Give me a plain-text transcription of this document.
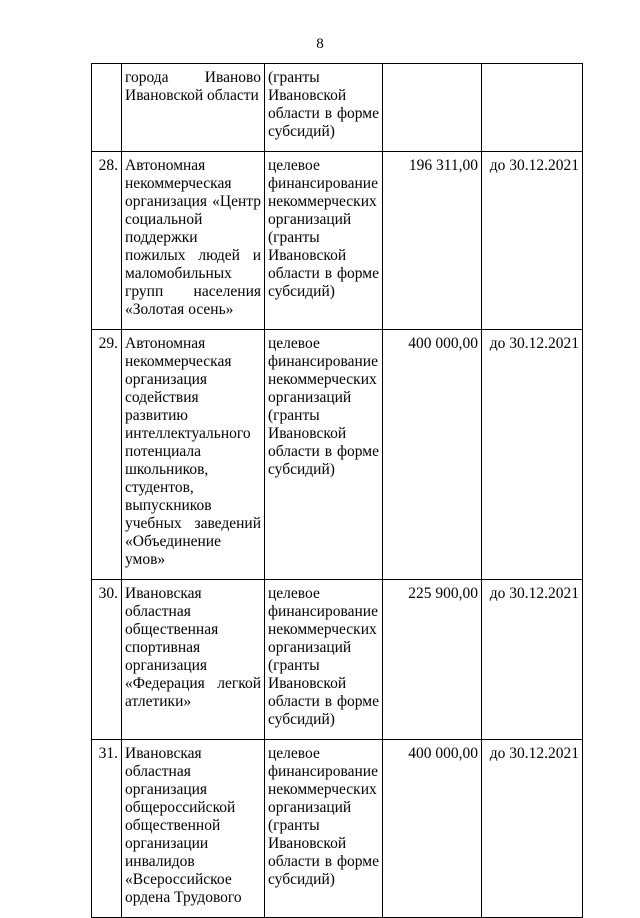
8
	города Иваново Ивановской области	(гранты Ивановской области в форме субсидий)		
28.	Автономная некоммерческая организация «Центр социальной поддержки пожилых людей и маломобильных групп населения «Золотая осень»	целевое финансирование некоммерческих организаций (гранты Ивановской области в форме субсидий)	196 311,00	до 30.12.2021
29.	Автономная некоммерческая организация содействия развитию интеллектуального потенциала школьников, студентов, выпускников учебных заведений «Объединение умов»	целевое финансирование некоммерческих организаций (гранты Ивановской области в форме субсидий)	400 000,00	до 30.12.2021
30.	Ивановская областная общественная спортивная организация «Федерация легкой атлетики»	целевое финансирование некоммерческих организаций (гранты Ивановской области в форме субсидий)	225 900,00	до 30.12.2021
31.	Ивановская областная организация общероссийской общественной организации инвалидов «Всероссийское ордена Трудового	целевое финансирование некоммерческих организаций (гранты Ивановской области в форме субсидий)	400 000,00	до 30.12.2021
